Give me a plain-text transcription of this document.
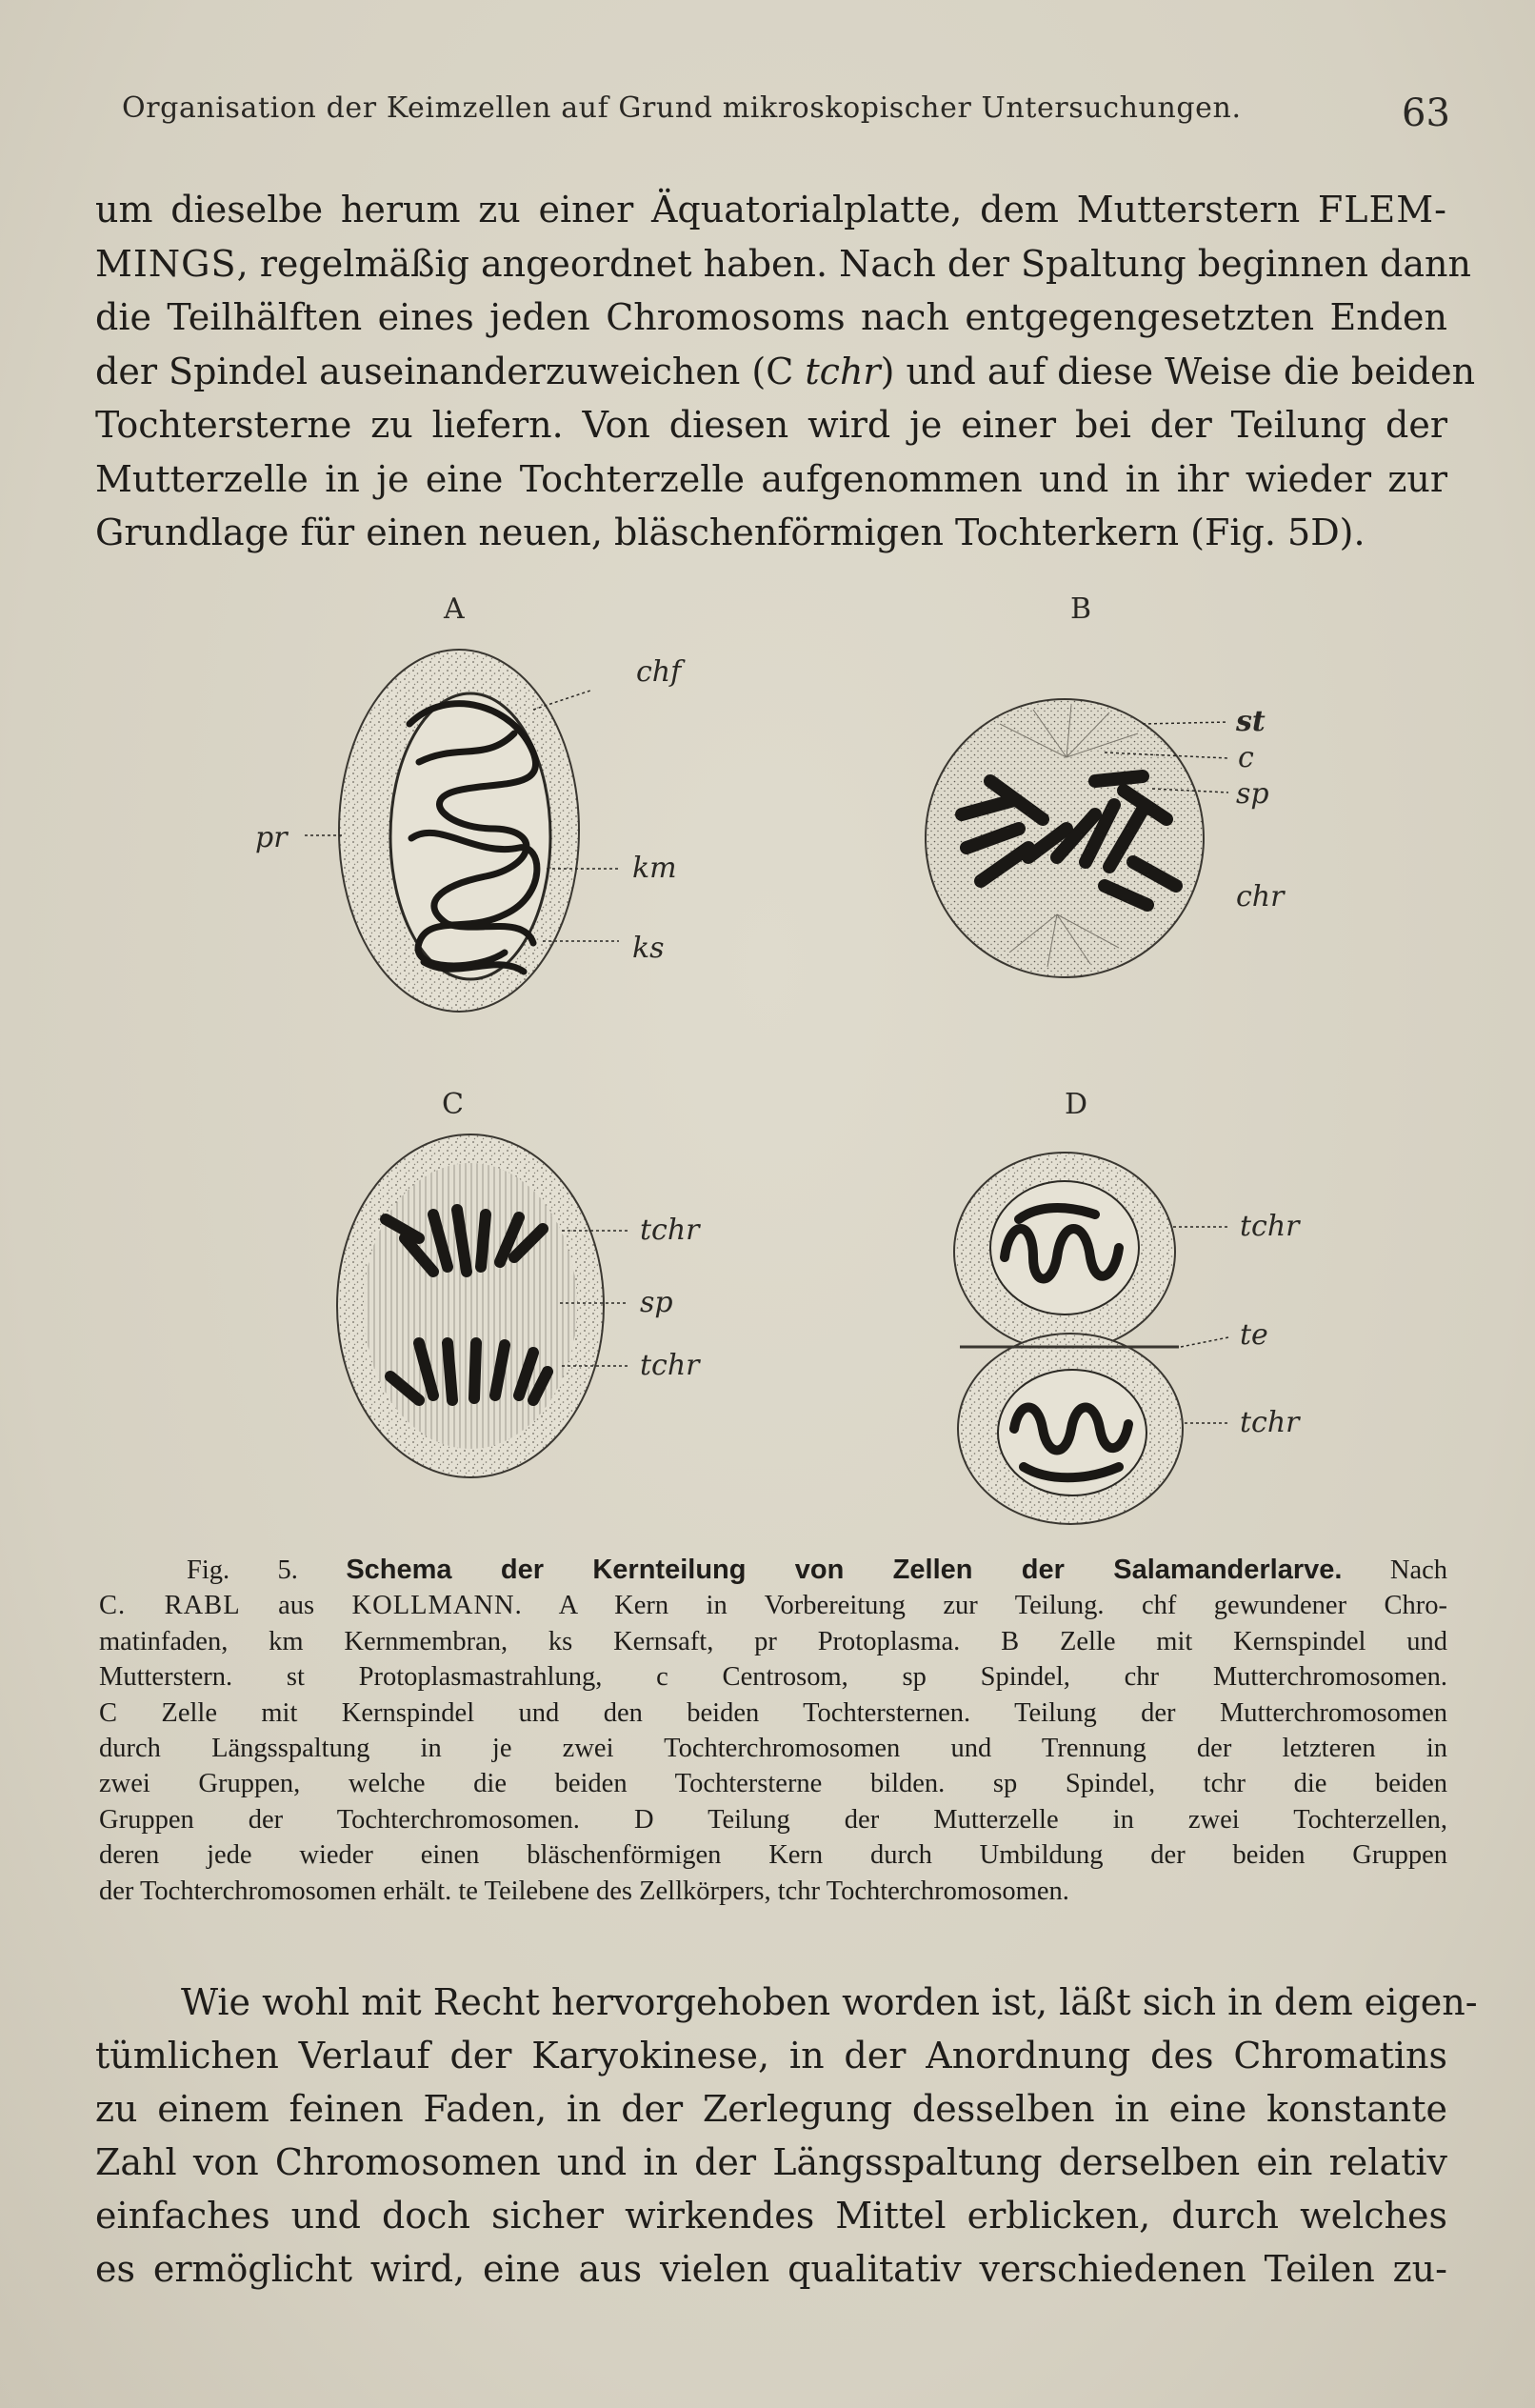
Organisation der Keimzellen auf Grund mikroskopischer Untersuchungen.	63
um dieselbe herum zu einer Äquatorialplatte, dem Mutterstern FLEM-
MINGS, regelmäßig angeordnet haben. Nach der Spaltung beginnen dann
die Teilhälften eines jeden Chromosoms nach entgegengesetzten Enden
der Spindel auseinanderzuweichen (C tchr) und auf diese Weise die beiden
Tochtersterne zu liefern. Von diesen wird je einer bei der Teilung der
Mutterzelle in je eine Tochterzelle aufgenommen und in ihr wieder zur
Grundlage für einen neuen, bläschenförmigen Tochterkern (Fig. 5D).
A	B
C	D
chf
pr
km
ks
st
c
sp
chr
tchr
sp
tchr
tchr
te
tchr
Fig. 5. Schema der Kernteilung von Zellen der Salamanderlarve. Nach
C. RABL aus KOLLMANN. A Kern in Vorbereitung zur Teilung. chf gewundener Chro-
matinfaden, km Kernmembran, ks Kernsaft, pr Protoplasma. B Zelle mit Kernspindel und
Mutterstern. st Protoplasmastrahlung, c Centrosom, sp Spindel, chr Mutterchromosomen.
C Zelle mit Kernspindel und den beiden Tochtersternen. Teilung der Mutterchromosomen
durch Längsspaltung in je zwei Tochterchromosomen und Trennung der letzteren in
zwei Gruppen, welche die beiden Tochtersterne bilden. sp Spindel, tchr die beiden
Gruppen der Tochterchromosomen. D Teilung der Mutterzelle in zwei Tochterzellen,
deren jede wieder einen bläschenförmigen Kern durch Umbildung der beiden Gruppen
der Tochterchromosomen erhält. te Teilebene des Zellkörpers, tchr Tochterchromosomen.
Wie wohl mit Recht hervorgehoben worden ist, läßt sich in dem eigen-
tümlichen Verlauf der Karyokinese, in der Anordnung des Chromatins
zu einem feinen Faden, in der Zerlegung desselben in eine konstante
Zahl von Chromosomen und in der Längsspaltung derselben ein relativ
einfaches und doch sicher wirkendes Mittel erblicken, durch welches
es ermöglicht wird, eine aus vielen qualitativ verschiedenen Teilen zu-
